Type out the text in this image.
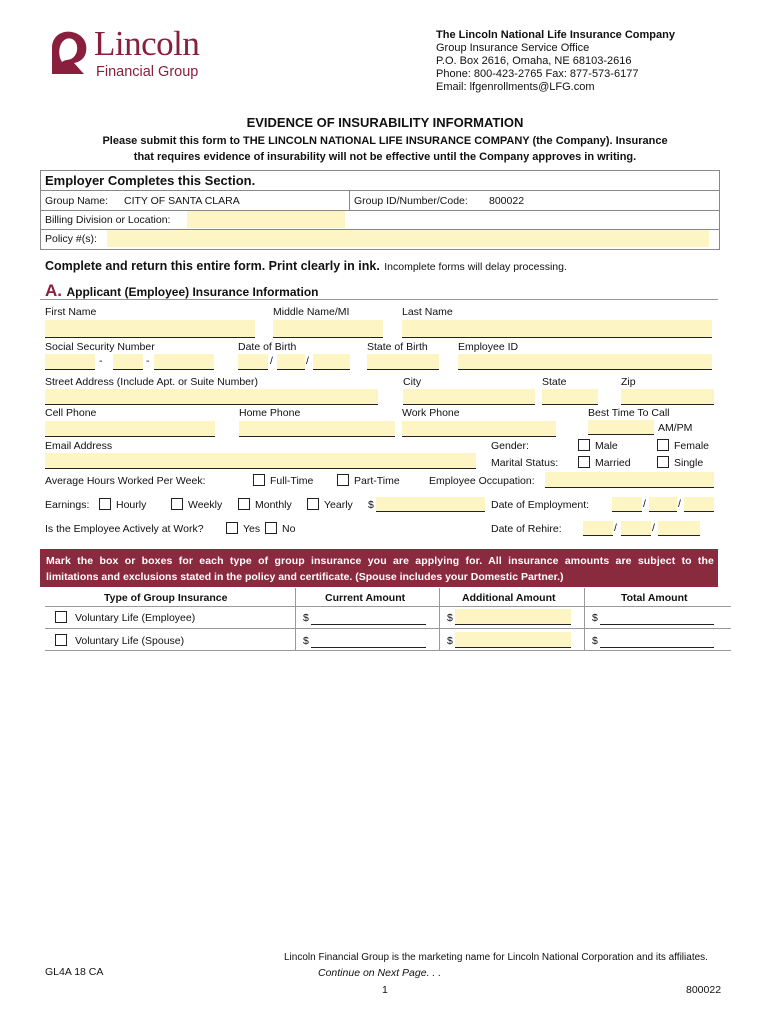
Lincoln
Financial Group
The Lincoln National Life Insurance Company
Group Insurance Service Office
P.O. Box 2616, Omaha, NE 68103-2616
Phone: 800-423-2765 Fax: 877-573-6177
Email: lfgenrollments@LFG.com
EVIDENCE OF INSURABILITY INFORMATION
Please submit this form to THE LINCOLN NATIONAL LIFE INSURANCE COMPANY (the Company). Insurance
that requires evidence of insurability will not be effective until the Company approves in writing.
Employer Completes this Section.
Group Name: CITY OF SANTA CLARA	Group ID/Number/Code: 800022
Billing Division or Location:
Policy #(s):
Complete and return this entire form. Print clearly in ink. Incomplete forms will delay processing.
A. Applicant (Employee) Insurance Information
First Name	Middle Name/MI	Last Name
Social Security Number	Date of Birth	State of Birth	Employee ID
-	-	/	/
Street Address (Include Apt. or Suite Number)	City	State	Zip
Cell Phone	Home Phone	Work Phone	Best Time To Call
AM/PM
Email Address	Gender:	Male	Female
Marital Status:	Married	Single
Average Hours Worked Per Week:	Full-Time	Part-Time	Employee Occupation:
Earnings:	Hourly	Weekly	Monthly	Yearly $	Date of Employment:	/	/
Is the Employee Actively at Work?	Yes No	Date of Rehire:	/	/
Mark the box or boxes for each type of group insurance you are applying for. All insurance amounts are subject to the
limitations and exclusions stated in the policy and certificate. (Spouse includes your Domestic Partner.)
Type of Group Insurance	Current Amount	Additional Amount	Total Amount
Voluntary Life (Employee)	$	$	$
Voluntary Life (Spouse)	$	$	$
Lincoln Financial Group is the marketing name for Lincoln National Corporation and its affiliates.
GL4A 18 CA	Continue on Next Page. . .
1	800022
